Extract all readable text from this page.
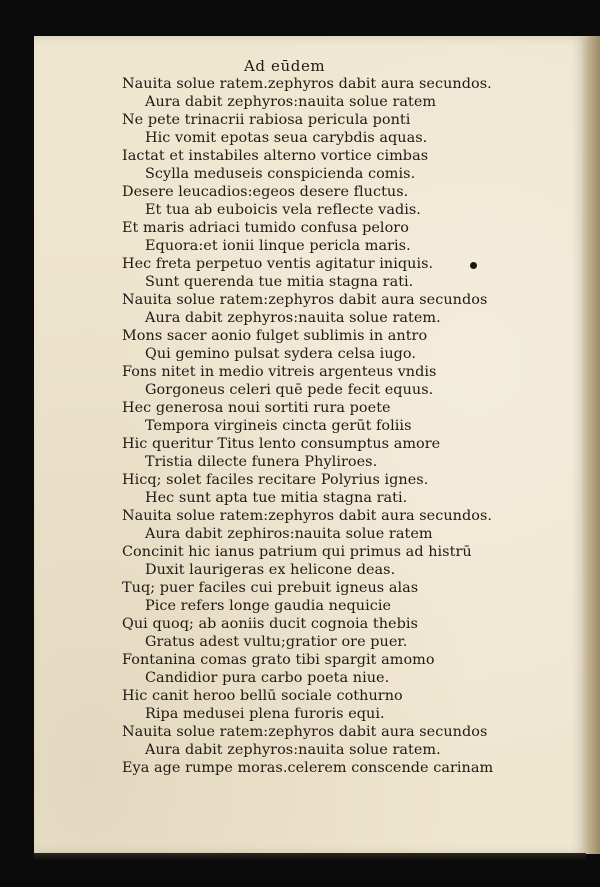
Ad eūdem
Nauita solue ratem.zephyros dabit aura secundos.
Aura dabit zephyros:nauita solue ratem
Ne pete trinacrii rabiosa pericula ponti
Hic vomit epotas seua carybdis aquas.
Iactat et instabiles alterno vortice cimbas
Scylla meduseis conspicienda comis.
Desere leucadios:egeos desere fluctus.
Et tua ab euboicis vela reflecte vadis.
Et maris adriaci tumido confusa peloro
Equora:et ionii linque pericla maris.
Hec freta perpetuo ventis agitatur iniquis.
Sunt querenda tue mitia stagna rati.
Nauita solue ratem:zephyros dabit aura secundos
Aura dabit zephyros:nauita solue ratem.
Mons sacer aonio fulget sublimis in antro
Qui gemino pulsat sydera celsa iugo.
Fons nitet in medio vitreis argenteus vndis
Gorgoneus celeri quē pede fecit equus.
Hec generosa noui sortiti rura poete
Tempora virgineis cincta gerūt foliis
Hic queritur Titus lento consumptus amore
Tristia dilecte funera Phyliroes.
Hicq; solet faciles recitare Polyrius ignes.
Hec sunt apta tue mitia stagna rati.
Nauita solue ratem:zephyros dabit aura secundos.
Aura dabit zephiros:nauita solue ratem
Concinit hic ianus patrium qui primus ad histrū
Duxit laurigeras ex helicone deas.
Tuq; puer faciles cui prebuit igneus alas
Pice refers longe gaudia nequicie
Qui quoq; ab aoniis ducit cognoia thebis
Gratus adest vultu;gratior ore puer.
Fontanina comas grato tibi spargit amomo
Candidior pura carbo poeta niue.
Hic canit heroo bellū sociale cothurno
Ripa medusei plena furoris equi.
Nauita solue ratem:zephyros dabit aura secundos
Aura dabit zephyros:nauita solue ratem.
Eya age rumpe moras.celerem conscende carinam
